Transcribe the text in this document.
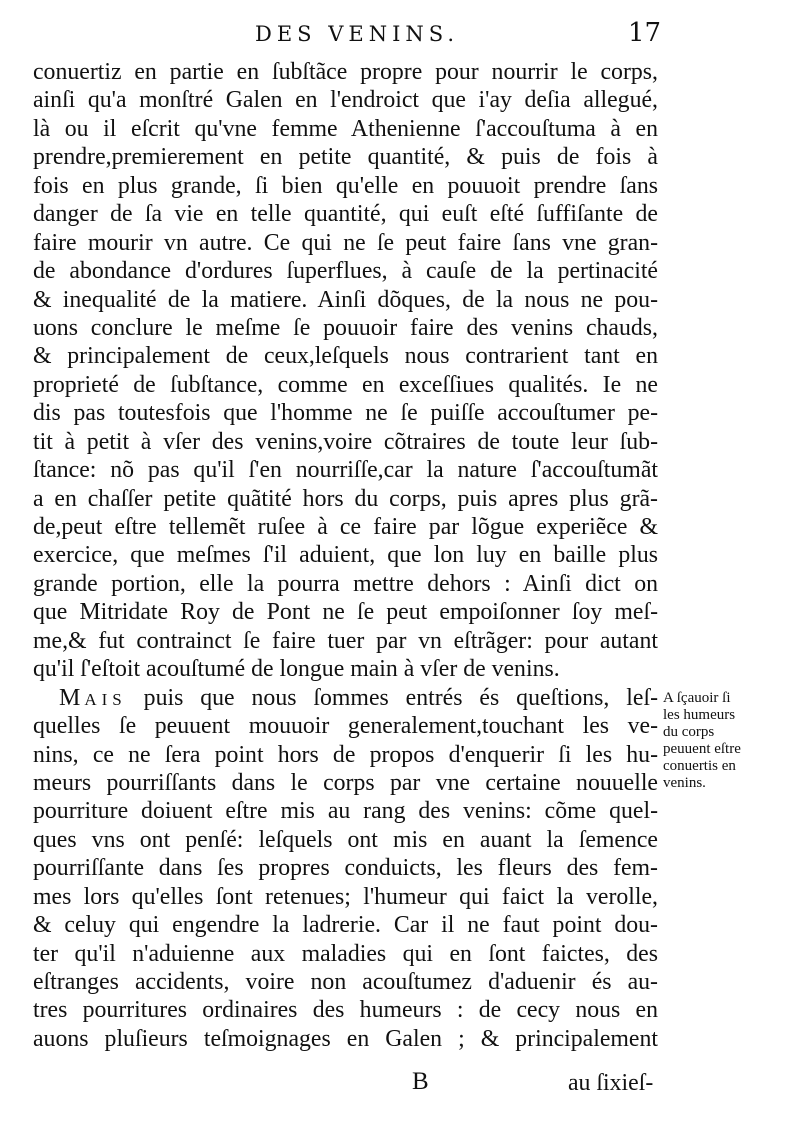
DES VENINS.	17
conuertiz en partie en ſubſtãce propre pour nourrir le corps,
ainſi qu'a monſtré Galen en l'endroict que i'ay deſia allegué,
là ou il eſcrit qu'vne femme Athenienne ſ'accouſtuma à en
prendre,premierement en petite quantité, & puis de fois à
fois en plus grande, ſi bien qu'elle en pouuoit prendre ſans
danger de ſa vie en telle quantité, qui euſt eſté ſuffiſante de
faire mourir vn autre. Ce qui ne ſe peut faire ſans vne gran-
de abondance d'ordures ſuperflues, à cauſe de la pertinacité
& inequalité de la matiere. Ainſi dõques, de la nous ne pou-
uons conclure le meſme ſe pouuoir faire des venins chauds,
& principalement de ceux,leſquels nous contrarient tant en
proprieté de ſubſtance, comme en exceſſiues qualités. Ie ne
dis pas toutesfois que l'homme ne ſe puiſſe accouſtumer pe-
tit à petit à vſer des venins,voire cõtraires de toute leur ſub-
ſtance: nõ pas qu'il ſ'en nourriſſe,car la nature ſ'accouſtumãt
a en chaſſer petite quãtité hors du corps, puis apres plus grã-
de,peut eſtre tellemẽt ruſee à ce faire par lõgue experiẽce &
exercice, que meſmes ſ'il aduient, que lon luy en baille plus
grande portion, elle la pourra mettre dehors : Ainſi dict on
que Mitridate Roy de Pont ne ſe peut empoiſonner ſoy meſ-
me,& fut contrainct ſe faire tuer par vn eſtrãger: pour autant
qu'il ſ'eſtoit acouſtumé de longue main à vſer de venins.
MAIS puis que nous ſommes entrés és queſtions, leſ-
quelles ſe peuuent mouuoir generalement,touchant les ve-
nins, ce ne ſera point hors de propos d'enquerir ſi les hu-
meurs pourriſſants dans le corps par vne certaine nouuelle
pourriture doiuent eſtre mis au rang des venins: cõme quel-
ques vns ont penſé: leſquels ont mis en auant la ſemence
pourriſſante dans ſes propres conduicts, les fleurs des fem-
mes lors qu'elles ſont retenues; l'humeur qui faict la verolle,
& celuy qui engendre la ladrerie. Car il ne faut point dou-
ter qu'il n'aduienne aux maladies qui en ſont faictes, des
eſtranges accidents, voire non acouſtumez d'aduenir és au-
tres pourritures ordinaires des humeurs : de cecy nous en
auons pluſieurs teſmoignages en Galen ; & principalement
A ſçauoir ſi
les humeurs
du corps
peuuent eſtre
conuertis en
venins.
B	au ſixieſ-
